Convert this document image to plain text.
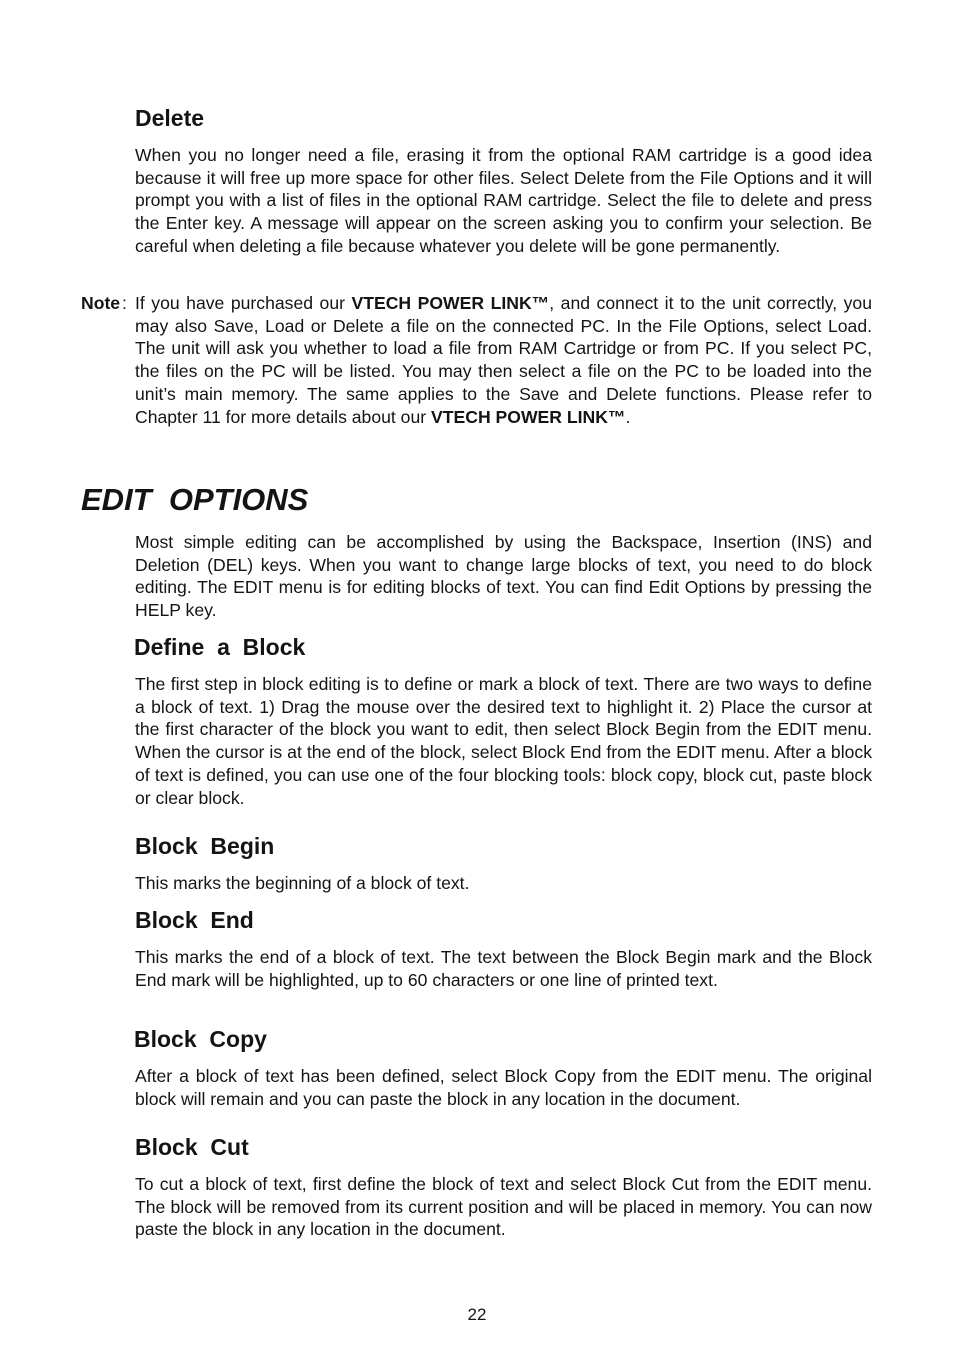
Delete

When you no longer need a file, erasing it from the optional RAM cartridge is a good idea because it will free up more space for other files. Select Delete from the File Options and it will prompt you with a list of files in the optional RAM cartridge. Select the file to delete and press the Enter key. A message will appear on the screen asking you to confirm your selection. Be careful when deleting a file because whatever you delete will be gone permanently.

Note : If you have purchased our VTECH POWER LINK™, and connect it to the unit correctly, you may also Save, Load or Delete a file on the connected PC. In the File Options, select Load. The unit will ask you whether to load a file from RAM Cartridge or from PC. If you select PC, the files on the PC will be listed. You may then select a file on the PC to be loaded into the unit’s main memory. The same applies to the Save and Delete functions. Please refer to Chapter 11 for more details about our VTECH POWER LINK™.
EDIT  OPTIONS

Most simple editing can be accomplished by using the Backspace, Insertion (INS) and Deletion (DEL) keys. When you want to change large blocks of text, you need to do block editing. The EDIT menu is for editing blocks of text. You can find Edit Options by pressing the HELP key.

Define  a  Block

The first step in block editing is to define or mark a block of text. There are two ways to define a block of text. 1) Drag the mouse over the desired text to highlight it. 2) Place the cursor at the first character of the block you want to edit, then select Block Begin from the EDIT menu. When the cursor is at the end of the block, select Block End from the EDIT menu. After a block of text is defined, you can use one of the four blocking tools: block copy, block cut, paste block or clear block.

Block  Begin

This marks the beginning of a block of text.

Block  End

This marks the end of a block of text. The text between the Block Begin mark and the Block End mark will be highlighted, up to 60 characters or one line of printed text.

Block  Copy

After a block of text has been defined, select Block Copy from the EDIT menu. The original block will remain and you can paste the block in any location in the document.

Block  Cut

To cut a block of text, first define the block of text and select Block Cut from the EDIT menu. The block will be removed from its current position and will be placed in memory. You can now paste the block in any location in the document.

22
